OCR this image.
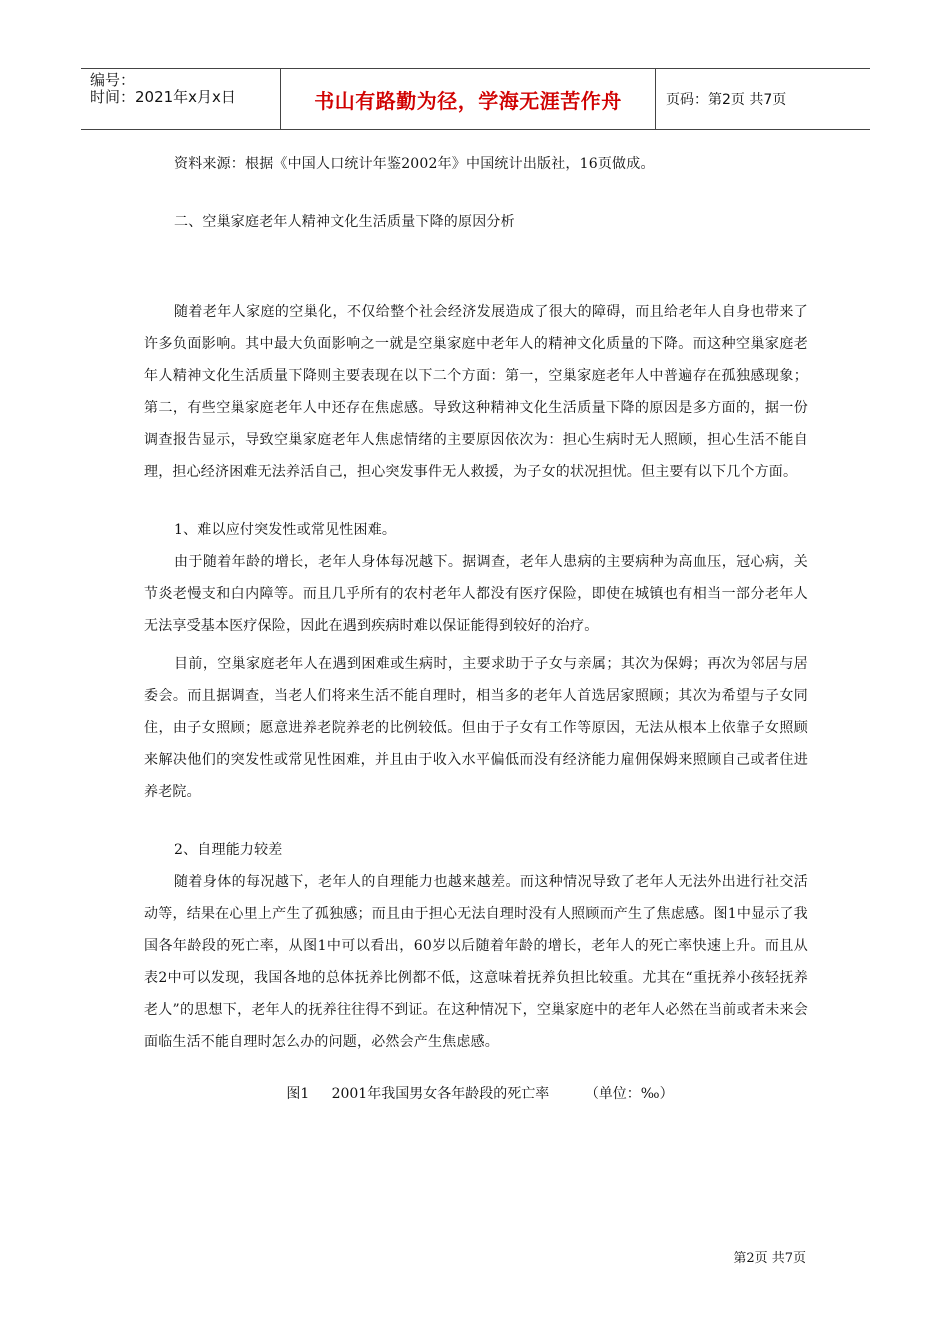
编号：
时间：2021年x月x日	书山有路勤为径，学海无涯苦作舟	页码：第2页 共7页

资料来源：根据《中国人口统计年鉴2002年》中国统计出版社，16页做成。

二、空巢家庭老年人精神文化生活质量下降的原因分析

随着老年人家庭的空巢化，不仅给整个社会经济发展造成了很大的障碍，而且给老年人自身也带来了许多负面影响。其中最大负面影响之一就是空巢家庭中老年人的精神文化质量的下降。而这种空巢家庭老年人精神文化生活质量下降则主要表现在以下二个方面：第一，空巢家庭老年人中普遍存在孤独感现象；第二，有些空巢家庭老年人中还存在焦虑感。导致这种精神文化生活质量下降的原因是多方面的，据一份调查报告显示，导致空巢家庭老年人焦虑情绪的主要原因依次为：担心生病时无人照顾，担心生活不能自理，担心经济困难无法养活自己，担心突发事件无人救援，为子女的状况担忧。但主要有以下几个方面。

1、难以应付突发性或常见性困难。

由于随着年龄的增长，老年人身体每况越下。据调查，老年人患病的主要病种为高血压，冠心病，关节炎老慢支和白内障等。而且几乎所有的农村老年人都没有医疗保险，即使在城镇也有相当一部分老年人无法享受基本医疗保险，因此在遇到疾病时难以保证能得到较好的治疗。

目前，空巢家庭老年人在遇到困难或生病时，主要求助于子女与亲属；其次为保姆；再次为邻居与居委会。而且据调查，当老人们将来生活不能自理时，相当多的老年人首选居家照顾；其次为希望与子女同住，由子女照顾；愿意进养老院养老的比例较低。但由于子女有工作等原因，无法从根本上依靠子女照顾来解决他们的突发性或常见性困难，并且由于收入水平偏低而没有经济能力雇佣保姆来照顾自己或者住进养老院。

2、自理能力较差

随着身体的每况越下，老年人的自理能力也越来越差。而这种情况导致了老年人无法外出进行社交活动等，结果在心里上产生了孤独感；而且由于担心无法自理时没有人照顾而产生了焦虑感。图1中显示了我国各年龄段的死亡率，从图1中可以看出，60岁以后随着年龄的增长，老年人的死亡率快速上升。而且从表2中可以发现，我国各地的总体抚养比例都不低，这意味着抚养负担比较重。尤其在“重抚养小孩轻抚养老人”的思想下，老年人的抚养往往得不到证。在这种情况下，空巢家庭中的老年人必然在当前或者未来会面临生活不能自理时怎么办的问题，必然会产生焦虑感。

图1 2001年我国男女各年龄段的死亡率	（单位：‰）
第2页 共7页
